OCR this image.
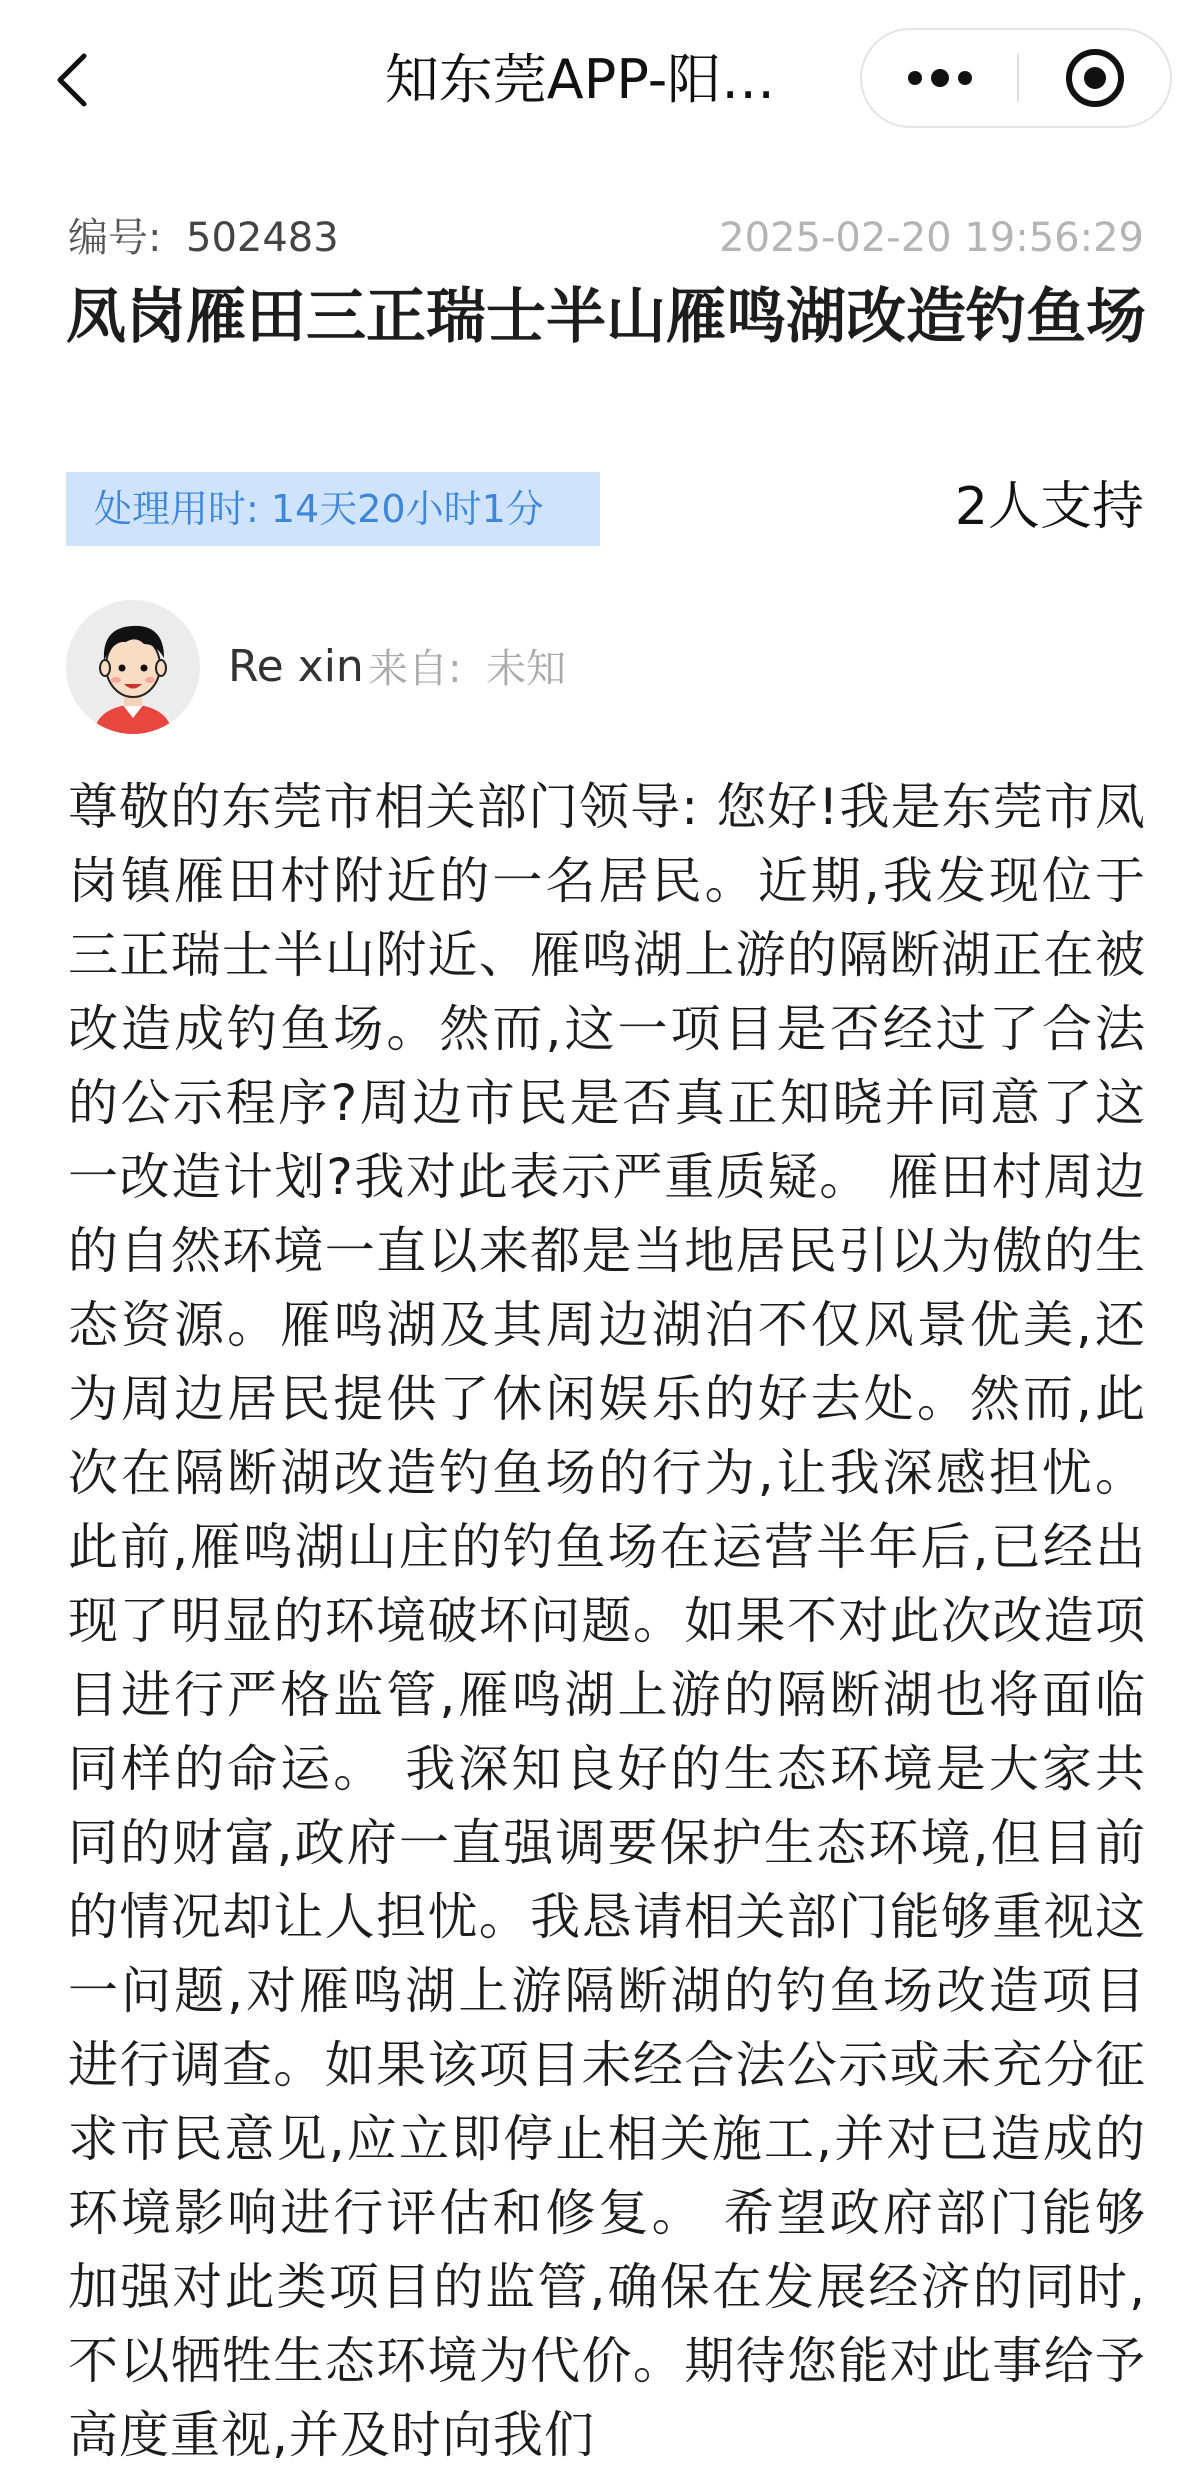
知东莞APP-阳…
编号: 502483	2025-02-20 19:56:29
凤岗雁田三正瑞士半山雁鸣湖改造钓鱼场
处理用时: 14天20小时1分	2人支持
Re xin 来自: 未知
尊敬的东莞市相关部门领导: 您好!我是东莞市凤岗镇雁田村附近的一名居民。近期,我发现位于三正瑞士半山附近、雁鸣湖上游的隔断湖正在被改造成钓鱼场。然而,这一项目是否经过了合法的公示程序?周边市民是否真正知晓并同意了这一改造计划?我对此表示严重质疑。 雁田村周边的自然环境一直以来都是当地居民引以为傲的生态资源。雁鸣湖及其周边湖泊不仅风景优美,还为周边居民提供了休闲娱乐的好去处。然而,此次在隔断湖改造钓鱼场的行为,让我深感担忧。此前,雁鸣湖山庄的钓鱼场在运营半年后,已经出现了明显的环境破坏问题。如果不对此次改造项目进行严格监管,雁鸣湖上游的隔断湖也将面临同样的命运。 我深知良好的生态环境是大家共同的财富,政府一直强调要保护生态环境,但目前的情况却让人担忧。我恳请相关部门能够重视这一问题,对雁鸣湖上游隔断湖的钓鱼场改造项目进行调查。如果该项目未经合法公示或未充分征求市民意见,应立即停止相关施工,并对已造成的环境影响进行评估和修复。 希望政府部门能够加强对此类项目的监管,确保在发展经济的同时,不以牺牲生态环境为代价。期待您能对此事给予高度重视,并及时向我们
